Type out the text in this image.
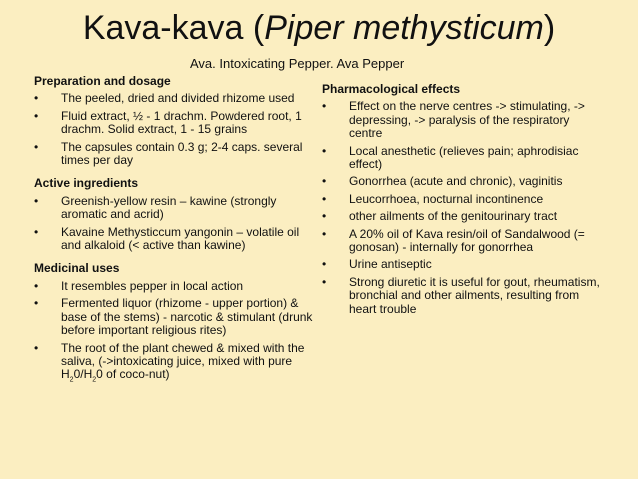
Kava-kava (Piper methysticum)
Ava. Intoxicating Pepper. Ava Pepper
Preparation and dosage
• The peeled, dried and divided rhizome used
• Fluid extract, ½ - 1 drachm. Powdered root, 1 drachm. Solid extract, 1 - 15 grains
• The capsules contain 0.3 g; 2-4 caps. several times per day
Active ingredients
• Greenish-yellow resin – kawine (strongly aromatic and acrid)
• Kavaine Methysticcum yangonin – volatile oil and alkaloid (< active than kawine)
Medicinal uses
• It resembles pepper in local action
• Fermented liquor (rhizome - upper portion) & base of the stems) - narcotic & stimulant (drunk before important religious rites)
• The root of the plant chewed & mixed with the saliva, (->intoxicating juice, mixed with pure $H_20/H_20$ of coco-nut)
Pharmacological effects
• Effect on the nerve centres -> stimulating, -> depressing, -> paralysis of the respiratory centre
• Local anesthetic (relieves pain; aphrodisiac effect)
• Gonorrhea (acute and chronic), vaginitis
• Leucorrhoea, nocturnal incontinence
• other ailments of the genitourinary tract
• A 20% oil of Kava resin/oil of Sandalwood (= gonosan) - internally for gonorrhea
• Urine antiseptic
• Strong diuretic it is useful for gout, rheumatism, bronchial and other ailments, resulting from heart trouble
